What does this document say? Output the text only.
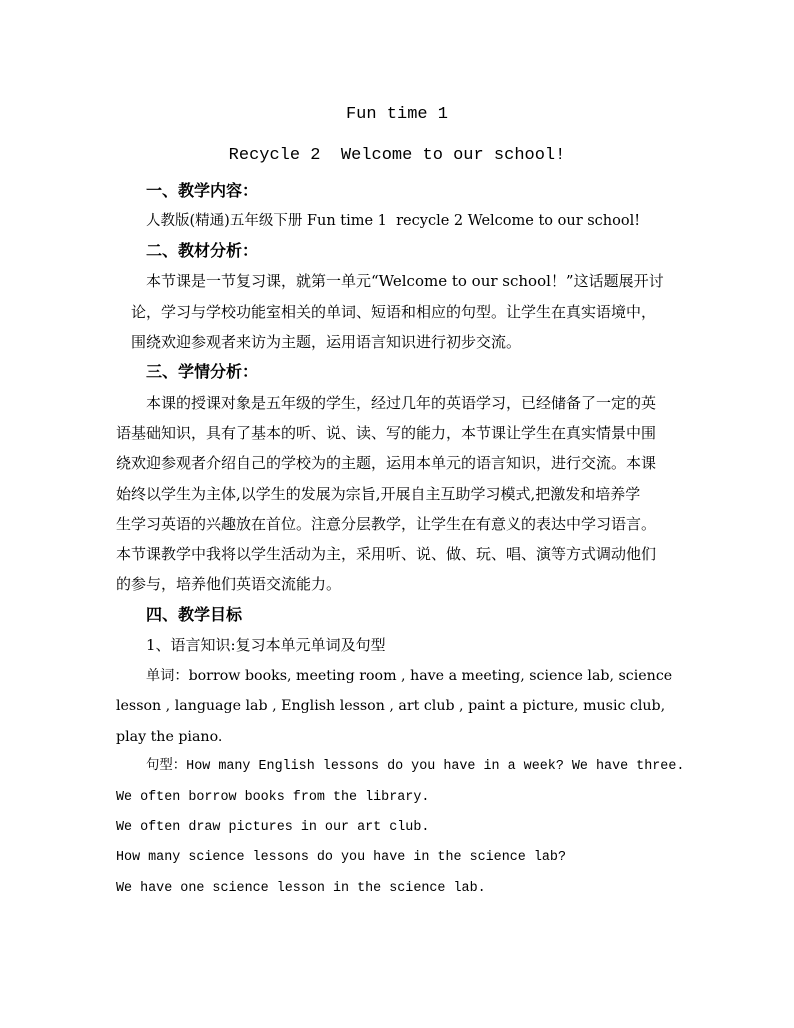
Fun time 1
Recycle 2  Welcome to our school!
一、教学内容：
人教版(精通)五年级下册 Fun time 1  recycle 2 Welcome to our school!
二、教材分析：
本节课是一节复习课，就第一单元“Welcome to our school！”这话题展开讨
论，学习与学校功能室相关的单词、短语和相应的句型。让学生在真实语境中，
围绕欢迎参观者来访为主题，运用语言知识进行初步交流。
三、学情分析：
本课的授课对象是五年级的学生，经过几年的英语学习，已经储备了一定的英
语基础知识，具有了基本的听、说、读、写的能力，本节课让学生在真实情景中围
绕欢迎参观者介绍自己的学校为的主题，运用本单元的语言知识，进行交流。本课
始终以学生为主体,以学生的发展为宗旨,开展自主互助学习模式,把激发和培养学
生学习英语的兴趣放在首位。注意分层教学，让学生在有意义的表达中学习语言。
本节课教学中我将以学生活动为主，采用听、说、做、玩、唱、演等方式调动他们
的参与，培养他们英语交流能力。
四、教学目标
1、语言知识:复习本单元单词及句型
单词：borrow books, meeting room , have a meeting, science lab, science
lesson , language lab , English lesson , art club , paint a picture, music club,
play the piano.
句型：How many English lessons do you have in a week? We have three.
We often borrow books from the library.
We often draw pictures in our art club.
How many science lessons do you have in the science lab?
We have one science lesson in the science lab.
